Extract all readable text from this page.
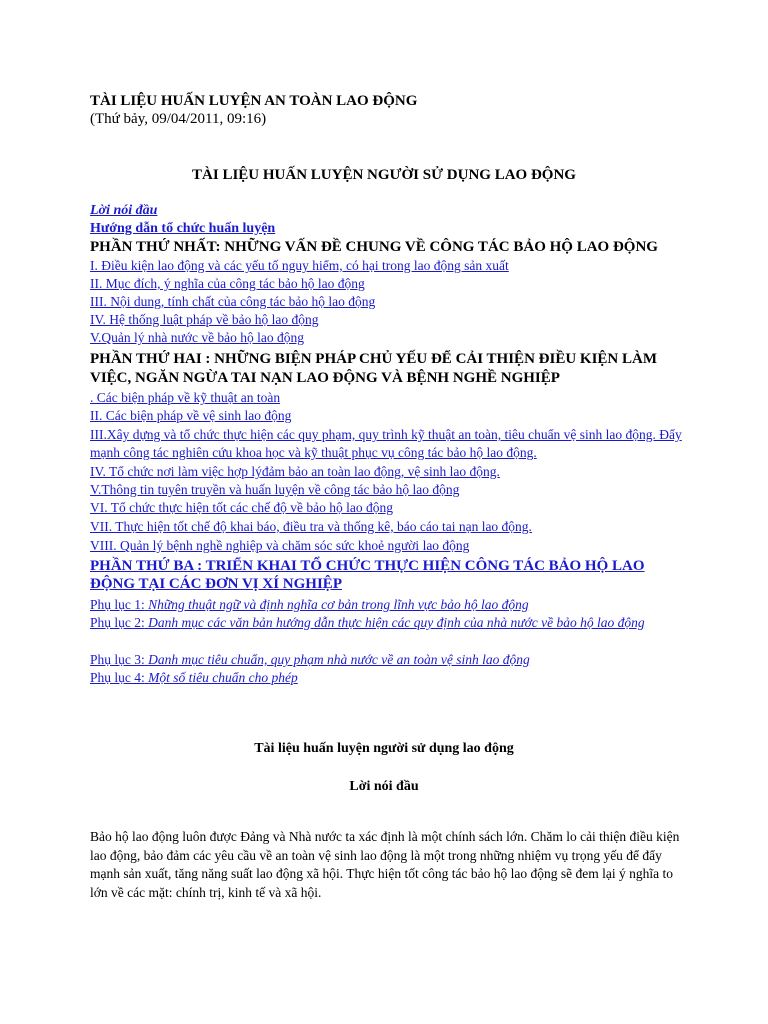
TÀI LIỆU HUẤN LUYỆN AN TOÀN LAO ĐỘNG
(Thứ bảy, 09/04/2011, 09:16)
TÀI LIỆU HUẤN LUYỆN NGƯỜI SỬ DỤNG LAO ĐỘNG
Lời nói đầu
Hướng dẫn tổ chức huấn luyện
PHẦN THỨ NHẤT: NHỮNG VẤN ĐỀ CHUNG VỀ CÔNG TÁC BẢO HỘ LAO ĐỘNG
I. Điều kiện lao động và các yếu tố nguy hiểm, có hại trong lao động sản xuất
II. Mục đích, ý nghĩa của công tác bảo hộ lao động
III. Nội dung, tính chất của công tác bảo hộ lao động
IV. Hệ thống luật pháp về bảo hộ lao động
V.Quản lý nhà nước về bảo hộ lao động
PHẦN THỨ HAI : NHỮNG BIỆN PHÁP CHỦ YẾU ĐỂ CẢI THIỆN ĐIỀU KIỆN LÀM
VIỆC, NGĂN NGỪA TAI NẠN LAO ĐỘNG VÀ BỆNH NGHỀ NGHIỆP
. Các biện pháp về kỹ thuật an toàn
II. Các biện pháp về vệ sinh lao động
III.Xây dựng và tổ chức thực hiện các quy phạm, quy trình kỹ thuật an toàn, tiêu chuẩn vệ sinh lao động. Đẩy mạnh công tác nghiên cứu khoa học và kỹ thuật phục vụ công tác bảo hộ lao động.
IV. Tổ chức nơi làm việc hợp lýđảm bảo an toàn lao động, vệ sinh lao động.
V.Thông tin tuyên truyền và huấn luyện về công tác bảo hộ lao động
VI. Tổ chức thực hiện tốt các chế độ về bảo hộ lao động
VII. Thực hiện tốt chế độ khai báo, điều tra và thống kê, báo cáo tai nạn lao động.
VIII. Quản lý bệnh nghề nghiệp và chăm sóc sức khoẻ người lao động
PHẦN THỨ BA : TRIỂN KHAI TỔ CHỨC THỰC HIỆN CÔNG TÁC BẢO HỘ LAO ĐỘNG TẠI CÁC ĐƠN VỊ XÍ NGHIỆP
Phụ lục 1: Những thuật ngữ và định nghĩa cơ bản trong lĩnh vực bảo hộ lao động
Phụ lục 2: Danh mục các văn bản hướng dẫn thực hiện các quy định của nhà nước về bảo hộ lao động
Phụ lục 3: Danh mục tiêu chuẩn, quy phạm nhà nước về an toàn vệ sinh lao động
Phụ lục 4: Một số tiêu chuẩn cho phép
Tài liệu huấn luyện người sử dụng lao động
Lời nói đầu

Bảo hộ lao động luôn được Đảng và Nhà nước ta xác định là một chính sách lớn. Chăm lo cải thiện điều kiện lao động, bảo đảm các yêu cầu về an toàn vệ sinh lao động là một trong những nhiệm vụ trọng yếu để đẩy mạnh sản xuất, tăng năng suất lao động xã hội. Thực hiện tốt công tác bảo hộ lao động sẽ đem lại ý nghĩa to lớn về các mặt: chính trị, kinh tế và xã hội.
